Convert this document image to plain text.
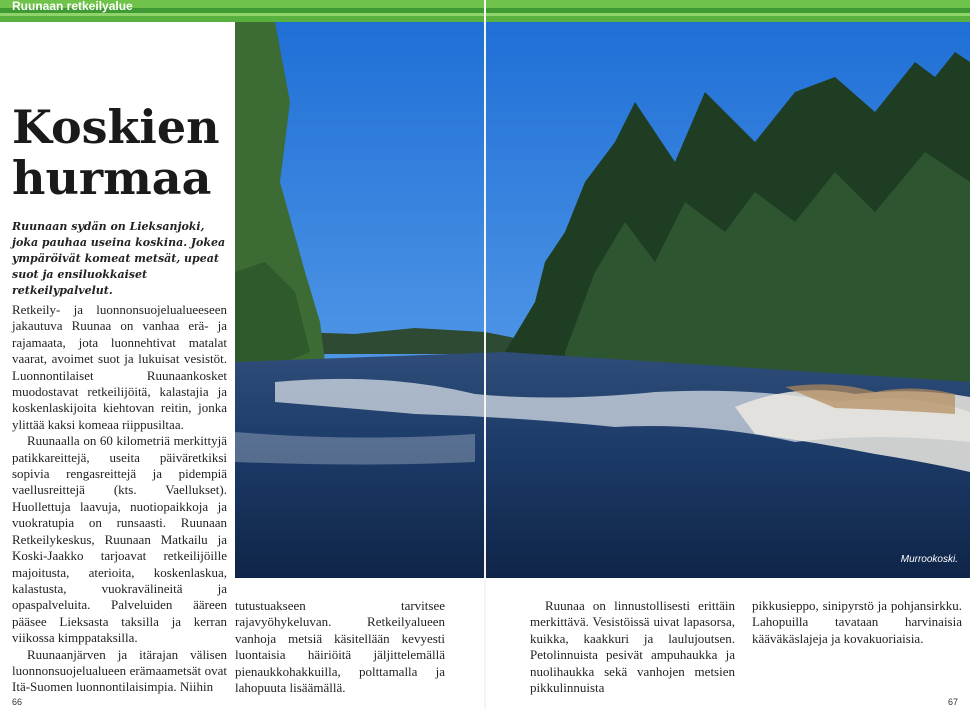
Ruunaan retkeilyalue
Murrookoski.
Koskien
hurmaa

Ruunaan sydän on Lieksanjoki, joka pauhaa useina koskina. Jokea ympäröivät komeat metsät, upeat suot ja ensiluokkaiset retkeilypalvelut.

Retkeily- ja luonnonsuojelualueeseen jakautuva Ruunaa on vanhaa erä- ja rajamaata, jota luonnehtivat matalat vaarat, avoimet suot ja lukuisat vesistöt. Luonnontilaiset Ruunaankosket muodostavat retkeilijöitä, kalastajia ja koskenlaskijoita kiehtovan reitin, jonka ylittää kaksi komeaa riippusiltaa.

Ruunaalla on 60 kilometriä merkittyjä patikkareittejä, useita päiväretkiksi sopivia rengasreittejä ja pidempiä vaellusreittejä (kts. Vaellukset). Huollettuja laavuja, nuotiopaikkoja ja vuokratupia on runsaasti. Ruunaan Retkeilykeskus, Ruunaan Matkailu ja Koski-Jaakko tarjoavat retkeilijöille majoitusta, aterioita, koskenlaskua, kalastusta, vuokravälineitä ja opaspalveluita. Palveluiden ääreen pääsee Lieksasta taksilla ja kerran viikossa kimppataksilla.

Ruunaanjärven ja itärajan välisen luonnonsuojelualueen erämaametsät ovat Itä-Suomen luonnontilaisimpia. Niihin

tutustuakseen tarvitsee rajavyöhykeluvan. Retkeilyalueen vanhoja metsiä käsitellään kevyesti luontaisia häiriöitä jäljittelemällä pienaukkohakkuilla, polttamalla ja lahopuuta lisäämällä.

Ruunaa on linnustollisesti erittäin merkittävä. Vesistöissä uivat lapasorsa, kuikka, kaakkuri ja laulujoutsen. Petolinnuista pesivät ampuhaukka ja nuolihaukka sekä vanhojen metsien pikkulinnuista

pikkusieppo, sinipyrstö ja pohjansirkku. Lahopuilla tavataan harvinaisia kääväkäslajeja ja kovakuoriaisia.

66	67
